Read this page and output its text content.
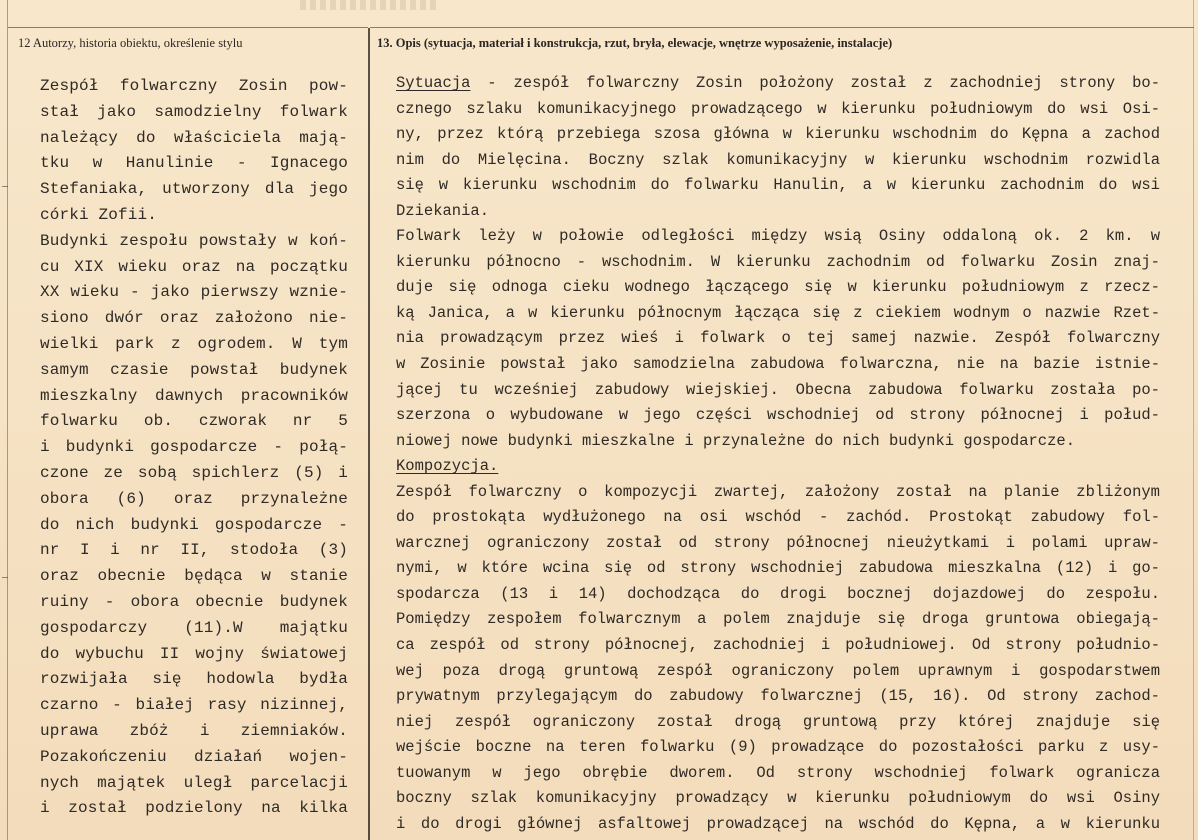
12 Autorzy, historia obiektu, określenie stylu	13. Opis (sytuacja, materiał i konstrukcja, rzut, bryła, elewacje, wnętrze wyposażenie, instalacje)
Zespół folwarczny Zosin pow-
stał jako samodzielny folwark
należący do właściciela mają-
tku w Hanulinie - Ignacego
Stefaniaka, utworzony dla jego
córki Zofii.
Budynki zespołu powstały w koń-
cu XIX wieku oraz na początku
XX wieku - jako pierwszy wznie-
siono dwór oraz założono nie-
wielki park z ogrodem. W tym
samym czasie powstał budynek
mieszkalny dawnych pracowników
folwarku ob. czworak nr 5
i budynki gospodarcze - połą-
czone ze sobą spichlerz (5) i
obora (6) oraz przynależne
do nich budynki gospodarcze -
nr I i nr II, stodoła (3)
oraz obecnie będąca w stanie
ruiny - obora obecnie budynek
gospodarczy (11).W majątku
do wybuchu II wojny światowej
rozwijała się hodowla bydła
czarno - białej rasy nizinnej,
uprawa zbóż i ziemniaków.
Pozakończeniu działań wojen-
nych majątek uległ parcelacji
i został podzielony na kilka
Sytuacja - zespół folwarczny Zosin położony został z zachodniej strony bo-
cznego szlaku komunikacyjnego prowadzącego w kierunku południowym do wsi Osi-
ny, przez którą przebiega szosa główna w kierunku wschodnim do Kępna a zachod
nim do Mielęcina. Boczny szlak komunikacyjny w kierunku wschodnim rozwidla
się w kierunku wschodnim do folwarku Hanulin, a w kierunku zachodnim do wsi
Dziekania.
Folwark leży w połowie odległości między wsią Osiny oddaloną ok. 2 km. w
kierunku północno - wschodnim. W kierunku zachodnim od folwarku Zosin znaj-
duje się odnoga cieku wodnego łączącego się w kierunku południowym z rzecz-
ką Janica, a w kierunku północnym łącząca się z ciekiem wodnym o nazwie Rzet-
nia prowadzącym przez wieś i folwark o tej samej nazwie. Zespół folwarczny
w Zosinie powstał jako samodzielna zabudowa folwarczna, nie na bazie istnie-
jącej tu wcześniej zabudowy wiejskiej. Obecna zabudowa folwarku została po-
szerzona o wybudowane w jego części wschodniej od strony północnej i połud-
niowej nowe budynki mieszkalne i przynależne do nich budynki gospodarcze.
Kompozycja.
Zespół folwarczny o kompozycji zwartej, założony został na planie zbliżonym
do prostokąta wydłużonego na osi wschód - zachód. Prostokąt zabudowy fol-
warcznej ograniczony został od strony północnej nieużytkami i polami upraw-
nymi, w które wcina się od strony wschodniej zabudowa mieszkalna (12) i go-
spodarcza (13 i 14) dochodząca do drogi bocznej dojazdowej do zespołu.
Pomiędzy zespołem folwarcznym a polem znajduje się droga gruntowa obiegają-
ca zespół od strony północnej, zachodniej i południowej. Od strony południo-
wej poza drogą gruntową zespół ograniczony polem uprawnym i gospodarstwem
prywatnym przylegającym do zabudowy folwarcznej (15, 16). Od strony zachod-
niej zespół ograniczony został drogą gruntową przy której znajduje się
wejście boczne na teren folwarku (9) prowadzące do pozostałości parku z usy-
tuowanym w jego obrębie dworem. Od strony wschodniej folwark ogranicza
boczny szlak komunikacyjny prowadzący w kierunku południowym do wsi Osiny
i do drogi głównej asfaltowej prowadzącej na wschód do Kępna, a w kierunku
